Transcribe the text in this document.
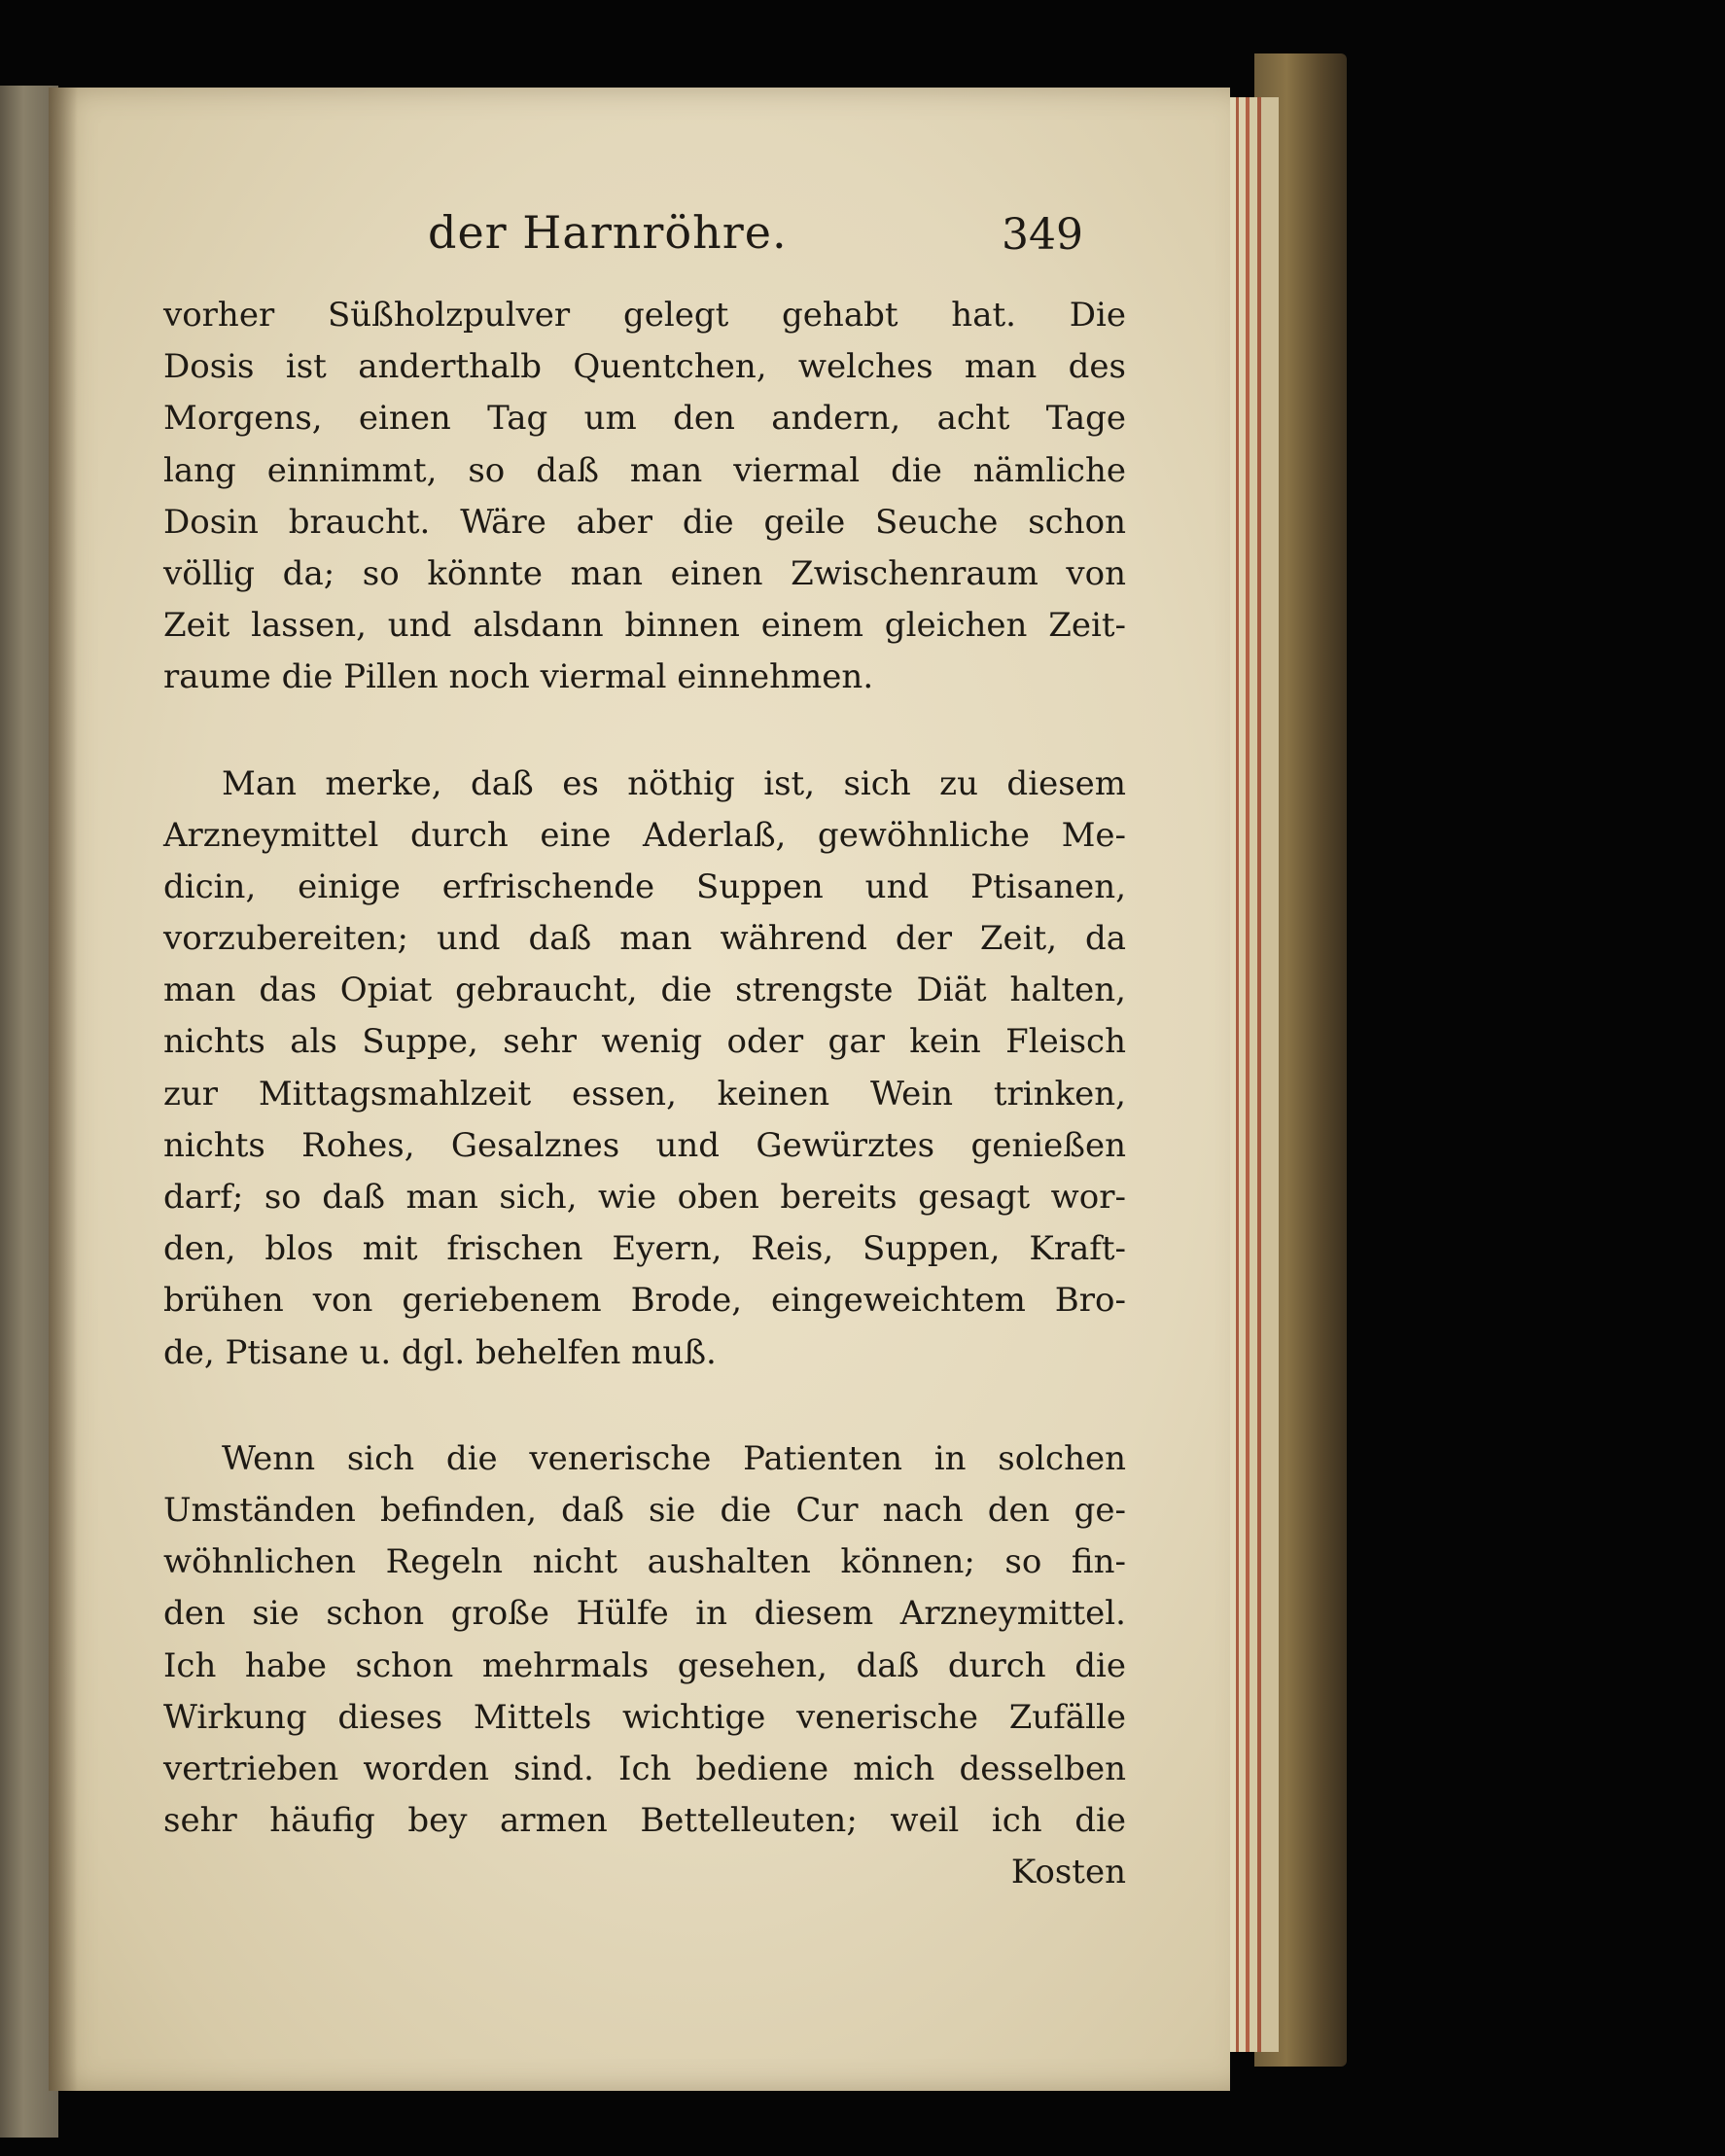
der Harnröhre.	349
vorher Süßholzpulver gelegt gehabt hat. Die
Dosis ist anderthalb Quentchen, welches man des
Morgens, einen Tag um den andern, acht Tage
lang einnimmt, so daß man viermal die nämliche
Dosin braucht. Wäre aber die geile Seuche schon
völlig da; so könnte man einen Zwischenraum von
Zeit lassen, und alsdann binnen einem gleichen Zeit-
raume die Pillen noch viermal einnehmen.
Man merke, daß es nöthig ist, sich zu diesem
Arzneymittel durch eine Aderlaß, gewöhnliche Me-
dicin, einige erfrischende Suppen und Ptisanen,
vorzubereiten; und daß man während der Zeit, da
man das Opiat gebraucht, die strengste Diät halten,
nichts als Suppe, sehr wenig oder gar kein Fleisch
zur Mittagsmahlzeit essen, keinen Wein trinken,
nichts Rohes, Gesalznes und Gewürztes genießen
darf; so daß man sich, wie oben bereits gesagt wor-
den, blos mit frischen Eyern, Reis, Suppen, Kraft-
brühen von geriebenem Brode, eingeweichtem Bro-
de, Ptisane u. dgl. behelfen muß.
Wenn sich die venerische Patienten in solchen
Umständen befinden, daß sie die Cur nach den ge-
wöhnlichen Regeln nicht aushalten können; so fin-
den sie schon große Hülfe in diesem Arzneymittel.
Ich habe schon mehrmals gesehen, daß durch die
Wirkung dieses Mittels wichtige venerische Zufälle
vertrieben worden sind. Ich bediene mich desselben
sehr häufig bey armen Bettelleuten; weil ich die
Kosten
